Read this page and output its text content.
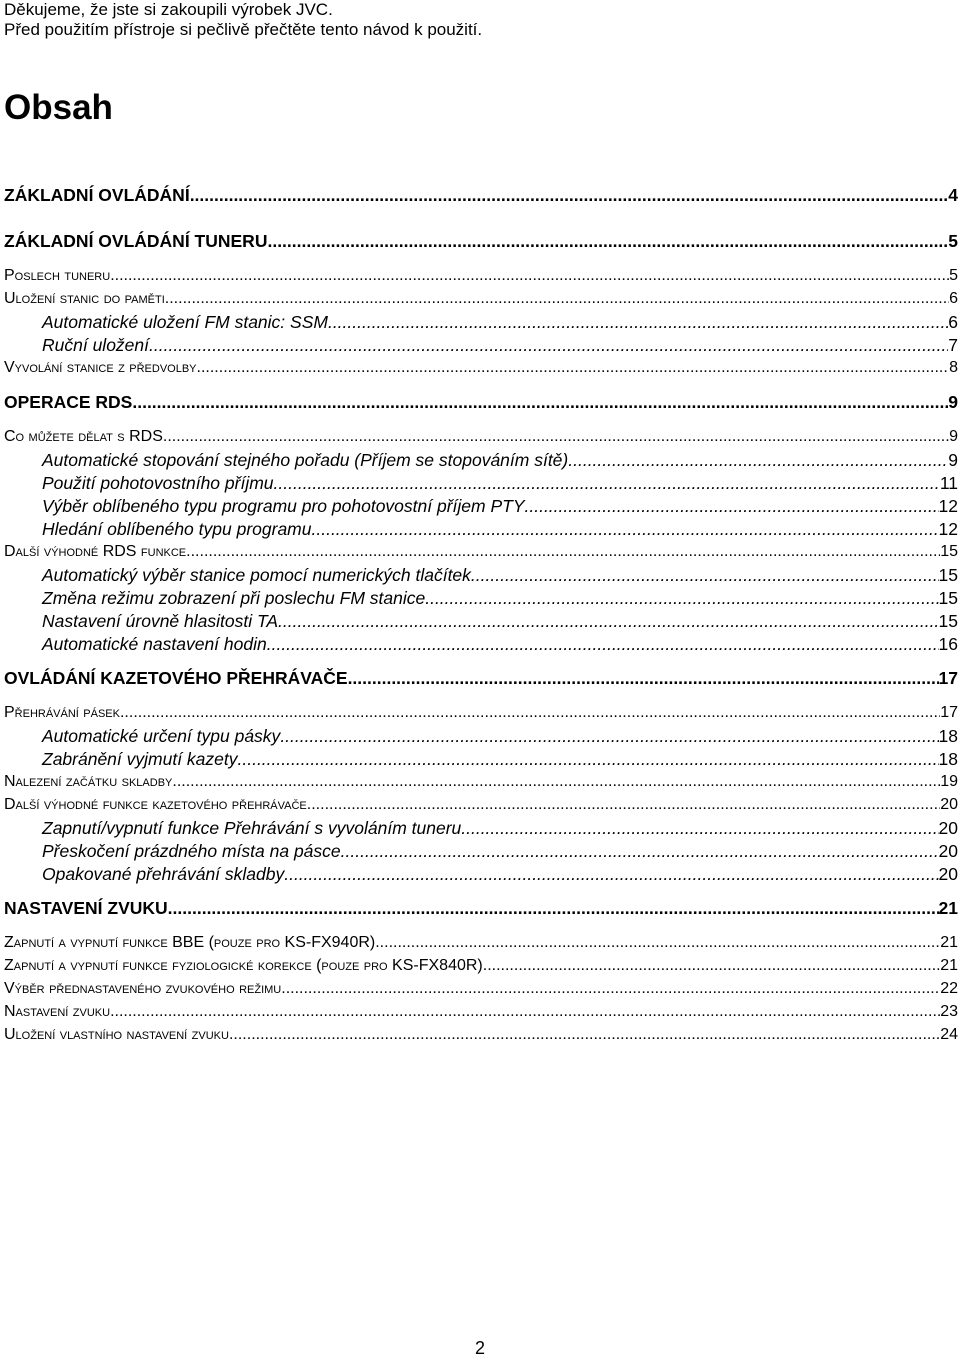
Děkujeme, že jste si zakoupili výrobek JVC.
Před použitím přístroje si pečlivě přečtěte tento návod k použití.
Obsah
ZÁKLADNÍ OVLÁDÁNÍ .....	4
ZÁKLADNÍ OVLÁDÁNÍ TUNERU .....	5
Poslech tuneru .....	5
Uložení stanic do paměti .....	6
Automatické uložení FM stanic: SSM .....	6
Ruční uložení .....	7
Vyvolání stanice z předvolby .....	8
OPERACE RDS .....	9
Co můžete dělat s RDS .....	9
Automatické stopování stejného pořadu (Příjem se stopováním sítě) .....	9
Použití pohotovostního příjmu .....	11
Výběr oblíbeného typu programu pro pohotovostní příjem PTY .....	12
Hledání oblíbeného typu programu .....	12
Další výhodné RDS funkce .....	15
Automatický výběr stanice pomocí numerických tlačítek .....	15
Změna režimu zobrazení při poslechu FM stanice .....	15
Nastavení úrovně hlasitosti TA .....	15
Automatické nastavení hodin .....	16
OVLÁDÁNÍ KAZETOVÉHO PŘEHRÁVAČE .....	17
Přehrávání pásek .....	17
Automatické určení typu pásky .....	18
Zabránění vyjmutí kazety .....	18
Nalezení začátku skladby .....	19
Další výhodné funkce kazetového přehrávače .....	20
Zapnutí/vypnutí funkce Přehrávání s vyvoláním tuneru .....	20
Přeskočení prázdného místa na pásce .....	20
Opakované přehrávání skladby .....	20
NASTAVENÍ ZVUKU .....	21
Zapnutí a vypnutí funkce BBE (pouze pro KS-FX940R) .....	21
Zapnutí a vypnutí funkce fyziologické korekce (pouze pro KS-FX840R) .....	21
Výběr přednastaveného zvukového režimu .....	22
Nastavení zvuku .....	23
Uložení vlastního nastavení zvuku .....	24
2
